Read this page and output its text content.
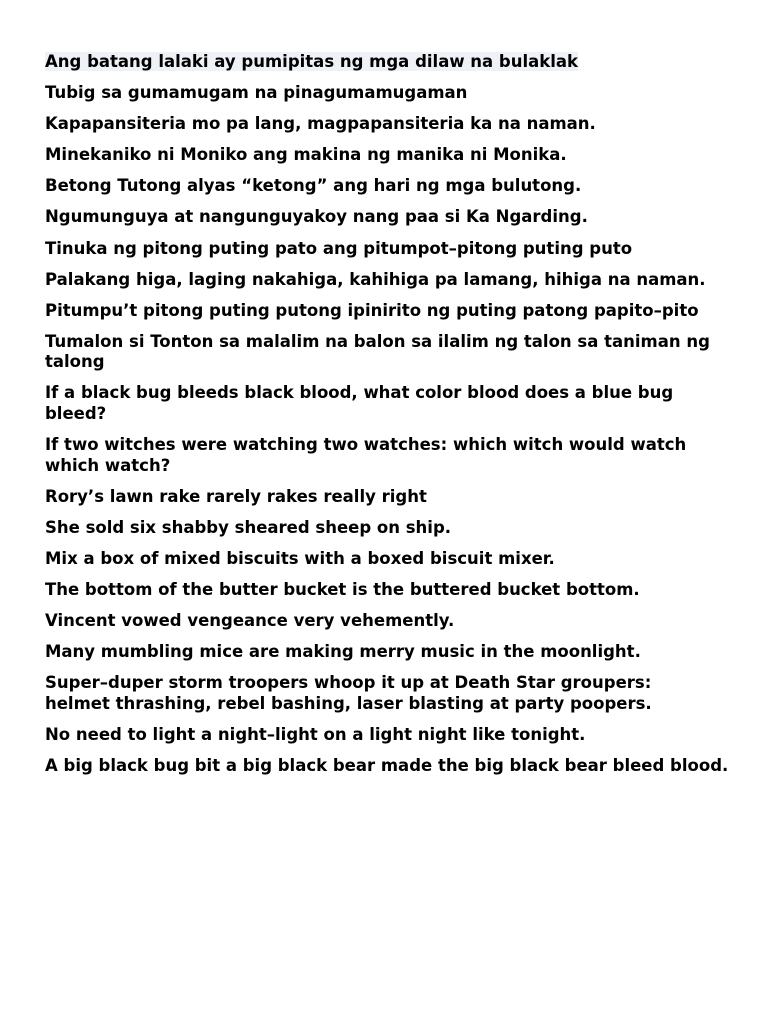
Ang batang lalaki ay pumipitas ng mga dilaw na bulaklak

Tubig sa gumamugam na pinagumamugaman

Kapapansiteria mo pa lang, magpapansiteria ka na naman.

Minekaniko ni Moniko ang makina ng manika ni Monika.

Betong Tutong alyas “ketong” ang hari ng mga bulutong.

Ngumunguya at nangunguyakoy nang paa si Ka Ngarding.

Tinuka ng pitong puting pato ang pitumpot–pitong puting puto

Palakang higa, laging nakahiga, kahihiga pa lamang, hihiga na naman.

Pitumpu’t pitong puting putong ipinirito ng puting patong papito–pito

Tumalon si Tonton sa malalim na balon sa ilalim ng talon sa taniman ng
talong

If a black bug bleeds black blood, what color blood does a blue bug
bleed?

If two witches were watching two watches: which witch would watch
which watch?

Rory’s lawn rake rarely rakes really right

She sold six shabby sheared sheep on ship.

Mix a box of mixed biscuits with a boxed biscuit mixer.

The bottom of the butter bucket is the buttered bucket bottom.

Vincent vowed vengeance very vehemently.

Many mumbling mice are making merry music in the moonlight.

Super–duper storm troopers whoop it up at Death Star groupers:
helmet thrashing, rebel bashing, laser blasting at party poopers.

No need to light a night–light on a light night like tonight.

A big black bug bit a big black bear made the big black bear bleed blood.
